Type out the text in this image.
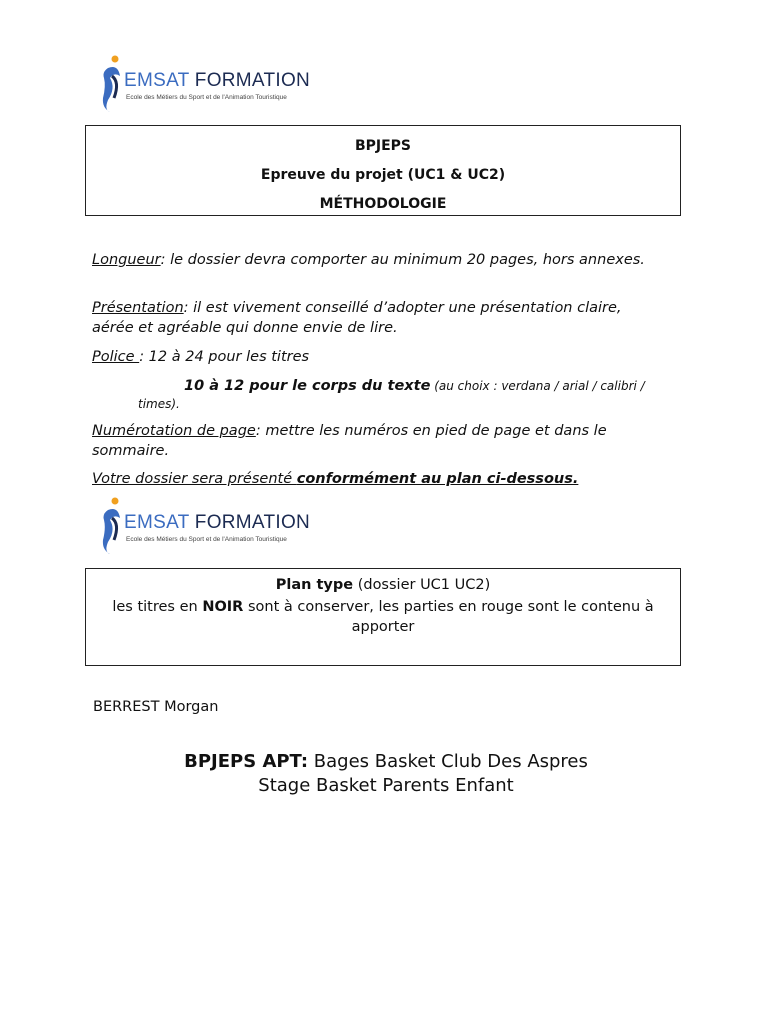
EMSAT FORMATION
Ecole des Métiers du Sport et de l'Animation Touristique
BPJEPS
Epreuve du projet (UC1 & UC2)
MÉTHODOLOGIE
Longueur: le dossier devra comporter au minimum 20 pages, hors annexes.
Présentation: il est vivement conseillé d’adopter une présentation claire, aérée et agréable qui donne envie de lire.
Police : 12 à 24 pour les titres
10 à 12 pour le corps du texte (au choix : verdana / arial / calibri /
times).
Numérotation de page: mettre les numéros en pied de page et dans le sommaire.
Votre dossier sera présenté conformément au plan ci-dessous.
EMSAT FORMATION
Ecole des Métiers du Sport et de l'Animation Touristique
Plan type (dossier UC1 UC2)
les titres en NOIR sont à conserver, les parties en rouge sont le contenu à apporter
BERREST Morgan
BPJEPS APT: Bages Basket Club Des Aspres
Stage Basket Parents Enfant
